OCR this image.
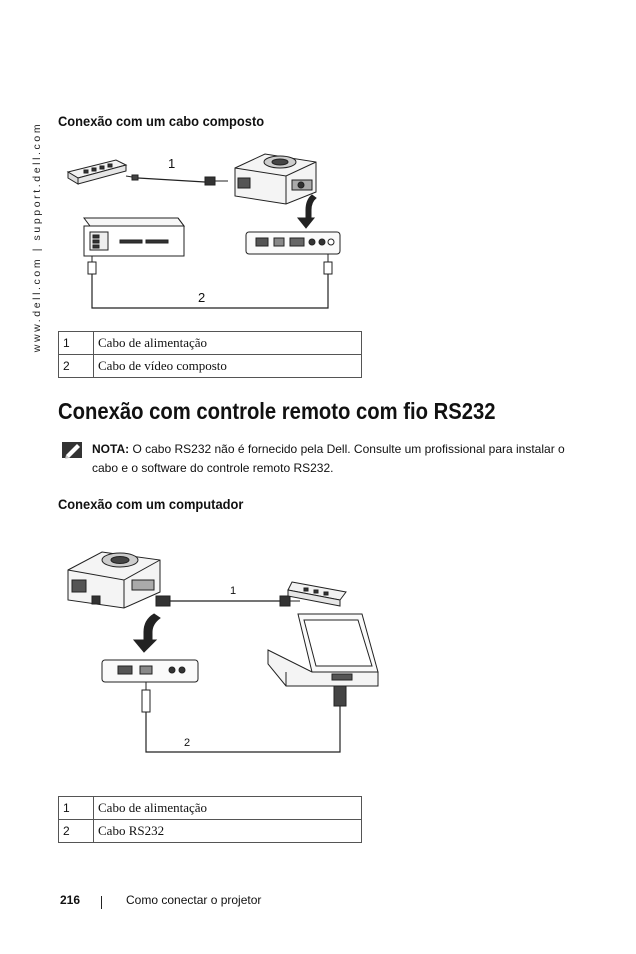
www.dell.com | support.dell.com
Conexão com um cabo composto
1
2
1	Cabo de alimentação
2	Cabo de vídeo composto
Conexão com controle remoto com fio RS232
NOTA: O cabo RS232 não é fornecido pela Dell. Consulte um profissional para instalar o cabo e o software do controle remoto RS232.
Conexão com um computador
1
2
1	Cabo de alimentação
2	Cabo RS232
216	Como conectar o projetor
